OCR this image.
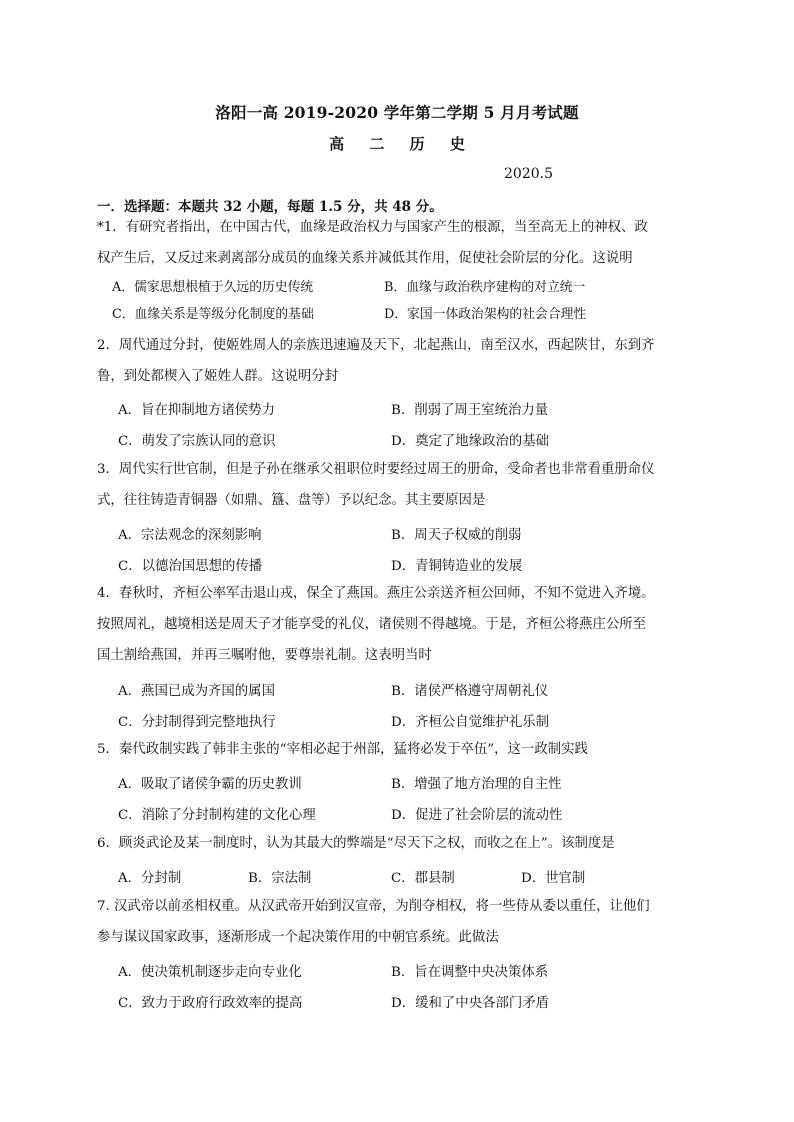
洛阳一高 2019-2020 学年第二学期 5 月月考试题
高 二 历 史
2020.5
一．选择题：本题共 32 小题，每题 1.5 分，共 48 分。
*1．有研究者指出，在中国古代，血缘是政治权力与国家产生的根源，当至高无上的神权、政
权产生后，又反过来剥离部分成员的血缘关系并减低其作用，促使社会阶层的分化。这说明
A．儒家思想根植于久远的历史传统	B．血缘与政治秩序建构的对立统一
C．血缘关系是等级分化制度的基础	D．家国一体政治架构的社会合理性
2．周代通过分封，使姬姓周人的亲族迅速遍及天下，北起燕山，南至汉水，西起陕甘，东到齐
鲁，到处都楔入了姬姓人群。这说明分封
A．旨在抑制地方诸侯势力	B．削弱了周王室统治力量
C．萌发了宗族认同的意识	D．奠定了地缘政治的基础
3．周代实行世官制，但是子孙在继承父祖职位时要经过周王的册命，受命者也非常看重册命仪
式，往往铸造青铜器（如鼎、簋、盘等）予以纪念。其主要原因是
A．宗法观念的深刻影响	B．周天子权威的削弱
C．以德治国思想的传播	D．青铜铸造业的发展
4．春秋时，齐桓公率军击退山戎，保全了燕国。燕庄公亲送齐桓公回师，不知不觉进入齐境。
按照周礼，越境相送是周天子才能享受的礼仪，诸侯则不得越境。于是，齐桓公将燕庄公所至
国土割给燕国，并再三嘱咐他，要尊崇礼制。这表明当时
A．燕国已成为齐国的属国	B．诸侯严格遵守周朝礼仪
C．分封制得到完整地执行	D．齐桓公自觉维护礼乐制
5．秦代政制实践了韩非主张的“宰相必起于州部，猛将必发于卒伍”，这一政制实践
A．吸取了诸侯争霸的历史教训	B．增强了地方治理的自主性
C．消除了分封制构建的文化心理	D．促进了社会阶层的流动性
6．顾炎武论及某一制度时，认为其最大的弊端是“尽天下之权，而收之在上”。该制度是
A．分封制	B．宗法制	C．郡县制	D．世官制
7. 汉武帝以前丞相权重。从汉武帝开始到汉宣帝，为削夺相权，将一些侍从委以重任，让他们
参与谋议国家政事，逐渐形成一个起决策作用的中朝官系统。此做法
A．使决策机制逐步走向专业化	B．旨在调整中央决策体系
C．致力于政府行政效率的提高	D．缓和了中央各部门矛盾
